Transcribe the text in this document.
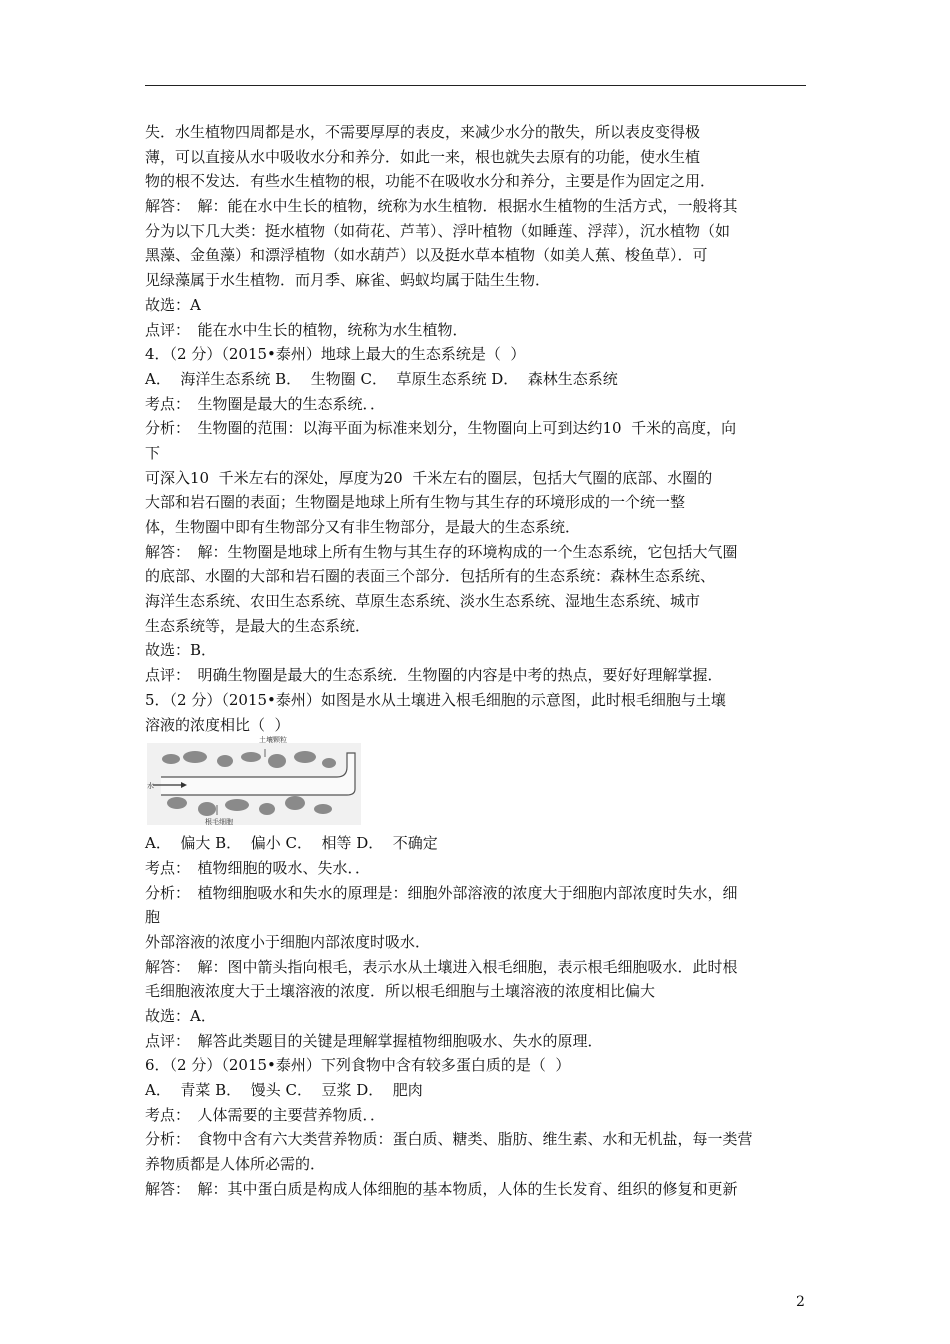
失．水生植物四周都是水，不需要厚厚的表皮，来减少水分的散失，所以表皮变得极
薄，可以直接从水中吸收水分和养分．如此一来，根也就失去原有的功能，使水生植
物的根不发达．有些水生植物的根，功能不在吸收水分和养分，主要是作为固定之用．
解答：　解：能在水中生长的植物，统称为水生植物．根据水生植物的生活方式，一般将其
分为以下几大类：挺水植物（如荷花、芦苇）、浮叶植物（如睡莲、浮萍），沉水植物（如
黑藻、金鱼藻）和漂浮植物（如水葫芦）以及挺水草本植物（如美人蕉、梭鱼草）．可
见绿藻属于水生植物．而月季、麻雀、蚂蚁均属于陆生生物．
故选：A
点评：　能在水中生长的植物，统称为水生植物．
4．（2 分）（2015•泰州）地球上最大的生态系统是（  ）
A．  海洋生态系统 B．  生物圈 C．  草原生态系统 D．  森林生态系统
考点：　生物圈是最大的生态系统．．
分析：　生物圈的范围：以海平面为标准来划分，生物圈向上可到达约10  千米的高度，向
下
可深入10  千米左右的深处，厚度为20  千米左右的圈层，包括大气圈的底部、水圈的
大部和岩石圈的表面；生物圈是地球上所有生物与其生存的环境形成的一个统一整
体，生物圈中即有生物部分又有非生物部分，是最大的生态系统．
解答：　解：生物圈是地球上所有生物与其生存的环境构成的一个生态系统，它包括大气圈
的底部、水圈的大部和岩石圈的表面三个部分．包括所有的生态系统：森林生态系统、
海洋生态系统、农田生态系统、草原生态系统、淡水生态系统、湿地生态系统、城市
生态系统等，是最大的生态系统．
故选：B．
点评：　明确生物圈是最大的生态系统．生物圈的内容是中考的热点，要好好理解掌握．
5．（2 分）（2015•泰州）如图是水从土壤进入根毛细胞的示意图，此时根毛细胞与土壤
溶液的浓度相比（  ）
土壤颗粒
水
根毛细胞
A．  偏大 B．  偏小 C．  相等 D．  不确定
考点：　植物细胞的吸水、失水．．
分析：　植物细胞吸水和失水的原理是：细胞外部溶液的浓度大于细胞内部浓度时失水，细
胞
外部溶液的浓度小于细胞内部浓度时吸水．
解答：　解：图中箭头指向根毛，表示水从土壤进入根毛细胞，表示根毛细胞吸水．此时根
毛细胞液浓度大于土壤溶液的浓度．所以根毛细胞与土壤溶液的浓度相比偏大
故选：A．
点评：　解答此类题目的关键是理解掌握植物细胞吸水、失水的原理．
6．（2 分）（2015•泰州）下列食物中含有较多蛋白质的是（  ）
A．  青菜 B．  馒头 C．  豆浆 D．  肥肉
考点：　人体需要的主要营养物质．．
分析：　食物中含有六大类营养物质：蛋白质、糖类、脂肪、维生素、水和无机盐，每一类营
养物质都是人体所必需的．
解答：　解：其中蛋白质是构成人体细胞的基本物质，人体的生长发育、组织的修复和更新
2
